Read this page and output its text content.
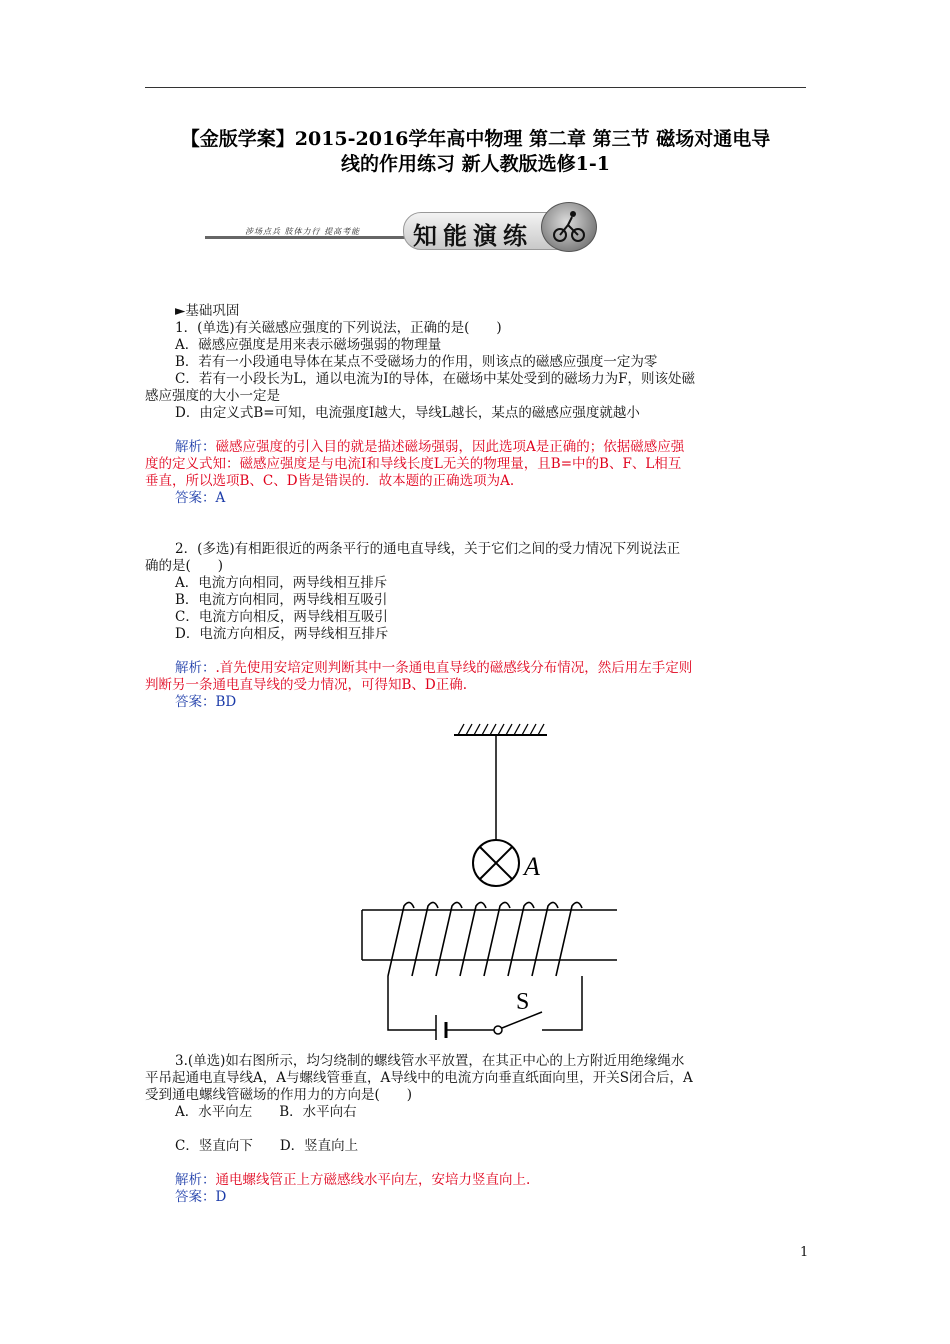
【金版学案】2015-2016学年高中物理 第二章 第三节 磁场对通电导
线的作用练习 新人教版选修1-1
涉场点兵 肢体力行 提高考能 知能演练

►基础巩固

1．(单选)有关磁感应强度的下列说法，正确的是(　　)

A．磁感应强度是用来表示磁场强弱的物理量

B．若有一小段通电导体在某点不受磁场力的作用，则该点的磁感应强度一定为零

C．若有一小段长为L，通以电流为I的导体，在磁场中某处受到的磁场力为F，则该处磁

感应强度的大小一定是

D．由定义式B=可知，电流强度I越大，导线L越长，某点的磁感应强度就越小

解析：磁感应强度的引入目的就是描述磁场强弱，因此选项A是正确的；依据磁感应强

度的定义式知：磁感应强度是与电流I和导线长度L无关的物理量，且B=中的B、F、L相互

垂直，所以选项B、C、D皆是错误的．故本题的正确选项为A.

答案：A

2．(多选)有相距很近的两条平行的通电直导线，关于它们之间的受力情况下列说法正

确的是(　　)

A．电流方向相同，两导线相互排斥

B．电流方向相同，两导线相互吸引

C．电流方向相反，两导线相互吸引

D．电流方向相反，两导线相互排斥

解析：.首先使用安培定则判断其中一条通电直导线的磁感线分布情况，然后用左手定则

判断另一条通电直导线的受力情况，可得知B、D正确.

答案：BD

A
S

3.(单选)如右图所示，均匀绕制的螺线管水平放置，在其正中心的上方附近用绝缘绳水

平吊起通电直导线A，A与螺线管垂直，A导线中的电流方向垂直纸面向里，开关S闭合后，A

受到通电螺线管磁场的作用力的方向是(　　)

A．水平向左　　B．水平向右

C．竖直向下　　D．竖直向上

解析：通电螺线管正上方磁感线水平向左，安培力竖直向上.

答案：D

1
